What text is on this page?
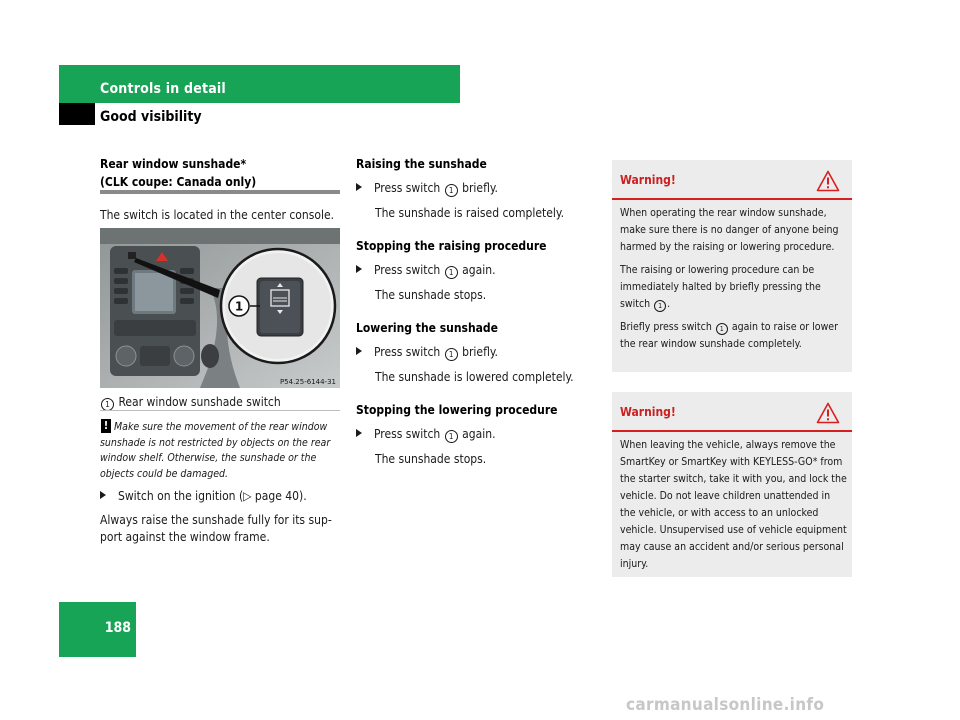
Controls in detail
Good visibility
Rear window sunshade*
(CLK coupe: Canada only)
The switch is located in the center console.
1
P54.25-6144-31
1 Rear window sunshade switch
! Make sure the movement of the rear window sunshade is not restricted by objects on the rear window shelf. Otherwise, the sunshade or the objects could be damaged.
Switch on the ignition (▷ page 40).
Always raise the sunshade fully for its sup-
port against the window frame.
Raising the sunshade
Press switch 1 briefly.
The sunshade is raised completely.
Stopping the raising procedure
Press switch 1 again.
The sunshade stops.
Lowering the sunshade
Press switch 1 briefly.
The sunshade is lowered completely.
Stopping the lowering procedure
Press switch 1 again.
The sunshade stops.
Warning!

When operating the rear window sunshade, make sure there is no danger of anyone being harmed by the raising or lowering procedure.

The raising or lowering procedure can be immediately halted by briefly pressing the switch 1 .

Briefly press switch 1 again to raise or lower the rear window sunshade completely.

Warning!

When leaving the vehicle, always remove the SmartKey or SmartKey with KEYLESS-GO* from the starter switch, take it with you, and lock the vehicle. Do not leave children unattended in the vehicle, or with access to an unlocked vehicle. Unsupervised use of vehicle equipment may cause an accident and/or serious personal injury.

188
carmanualsonline.info
